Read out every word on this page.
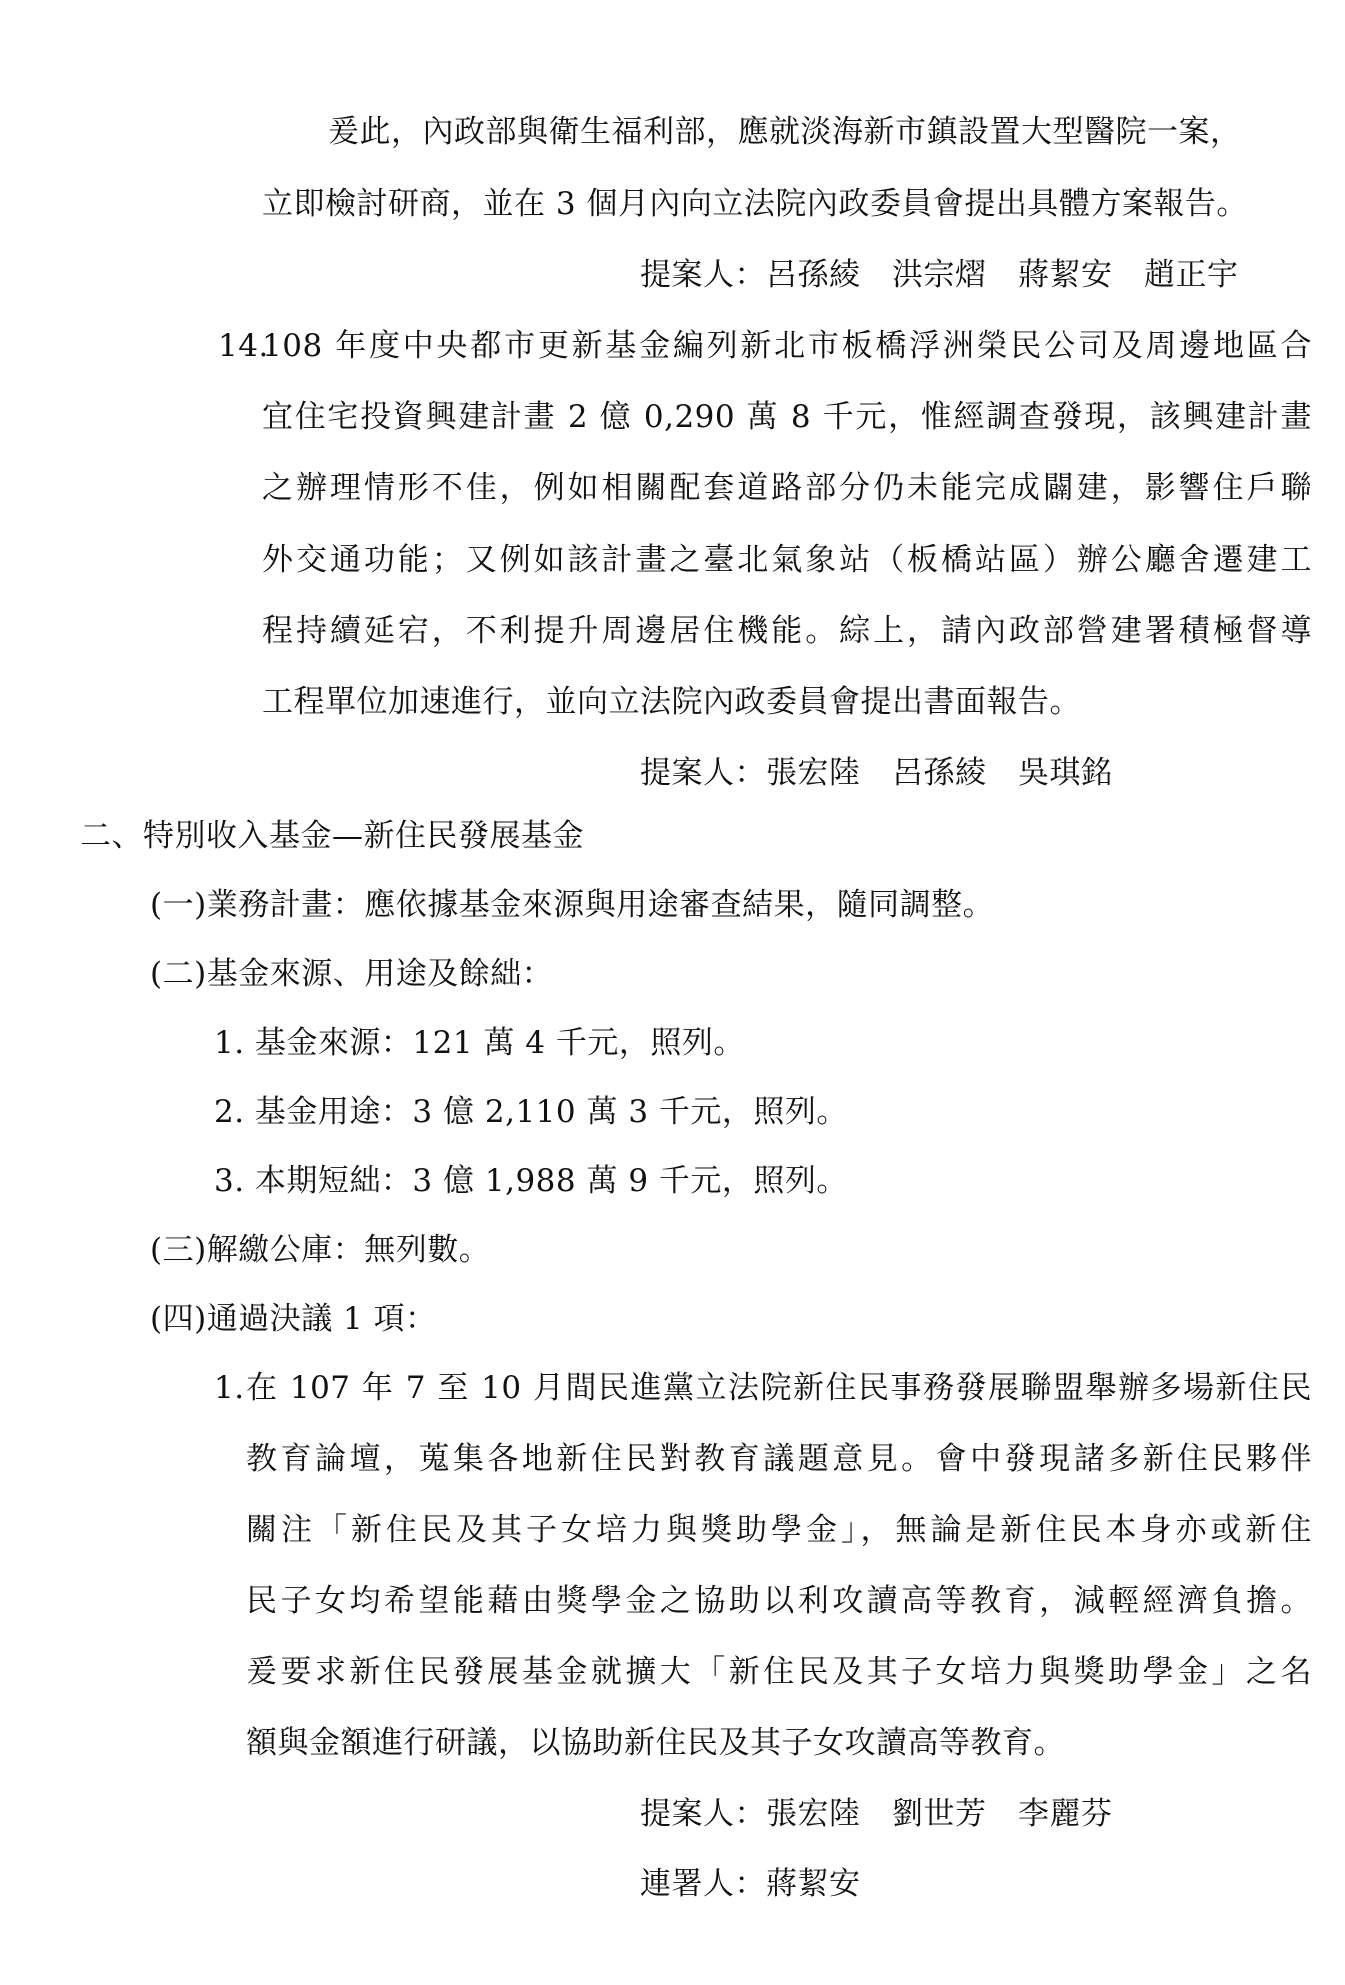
爰此，內政部與衛生福利部，應就淡海新市鎮設置大型醫院一案，
立即檢討研商，並在 3 個月內向立法院內政委員會提出具體方案報告。
提案人：呂孫綾　洪宗熠　蔣絜安　趙正宇
14.
108 年度中央都市更新基金編列新北市板橋浮洲榮民公司及周邊地區合
宜住宅投資興建計畫 2 億 0,290 萬 8 千元，惟經調查發現，該興建計畫
之辦理情形不佳，例如相關配套道路部分仍未能完成闢建，影響住戶聯
外交通功能；又例如該計畫之臺北氣象站（板橋站區）辦公廳舍遷建工
程持續延宕，不利提升周邊居住機能。綜上，請內政部營建署積極督導
工程單位加速進行，並向立法院內政委員會提出書面報告。
提案人：張宏陸　呂孫綾　吳琪銘
二、特別收入基金—新住民發展基金
(一)業務計畫：應依據基金來源與用途審查結果，隨同調整。
(二)基金來源、用途及餘絀：
1. 基金來源：121 萬 4 千元，照列。
2. 基金用途：3 億 2,110 萬 3 千元，照列。
3. 本期短絀：3 億 1,988 萬 9 千元，照列。
(三)解繳公庫：無列數。
(四)通過決議 1 項：
1. 在 107 年 7 至 10 月間民進黨立法院新住民事務發展聯盟舉辦多場新住民
教育論壇，蒐集各地新住民對教育議題意見。會中發現諸多新住民夥伴
關注「新住民及其子女培力與獎助學金」，無論是新住民本身亦或新住
民子女均希望能藉由獎學金之協助以利攻讀高等教育，減輕經濟負擔。
爰要求新住民發展基金就擴大「新住民及其子女培力與獎助學金」之名
額與金額進行研議，以協助新住民及其子女攻讀高等教育。
提案人：張宏陸　劉世芳　李麗芬
連署人：蔣絜安
